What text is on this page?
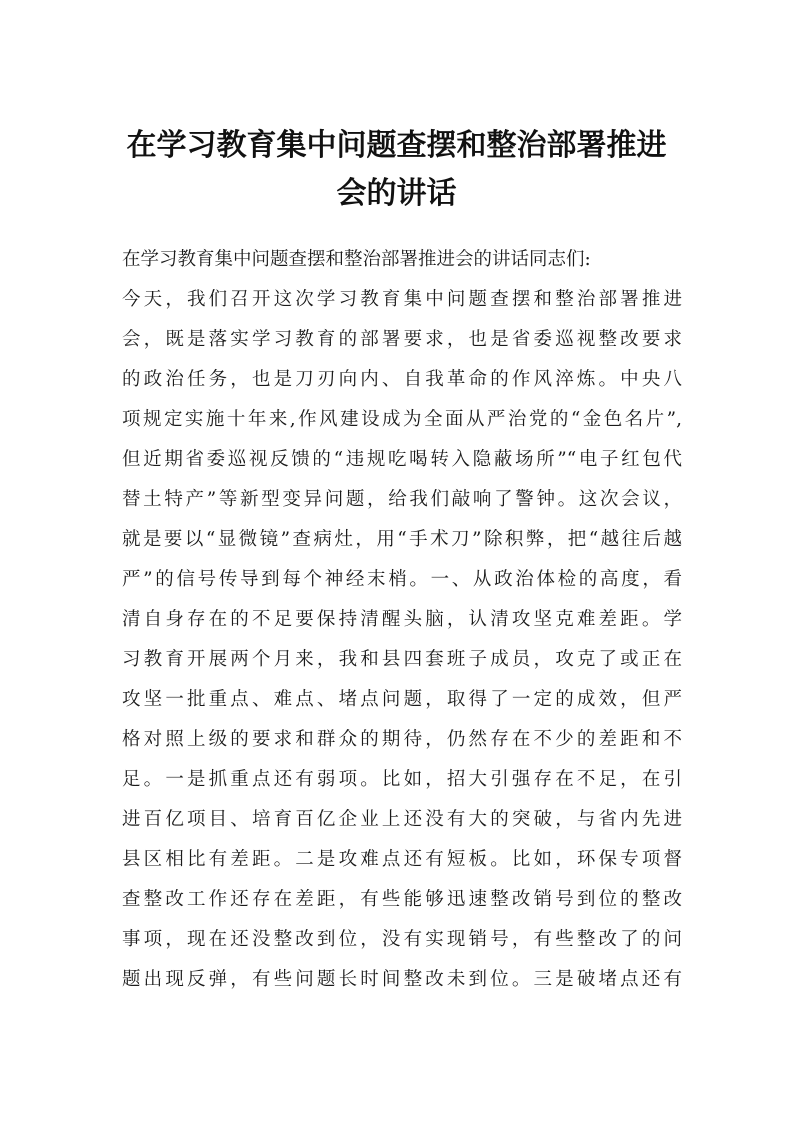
在学习教育集中问题查摆和整治部署推进
会的讲话

在学习教育集中问题查摆和整治部署推进会的讲话同志们:

今天，我们召开这次学习教育集中问题查摆和整治部署推进

会，既是落实学习教育的部署要求，也是省委巡视整改要求

的政治任务，也是刀刃向内、自我革命的作风淬炼。中央八

项规定实施十年来,作风建设成为全面从严治党的“金色名片”,

但近期省委巡视反馈的“违规吃喝转入隐蔽场所”“电子红包代

替土特产”等新型变异问题，给我们敲响了警钟。这次会议，

就是要以“显微镜”查病灶，用“手术刀”除积弊，把“越往后越

严”的信号传导到每个神经末梢。一、从政治体检的高度，看

清自身存在的不足要保持清醒头脑，认清攻坚克难差距。学

习教育开展两个月来，我和县四套班子成员，攻克了或正在

攻坚一批重点、难点、堵点问题，取得了一定的成效，但严

格对照上级的要求和群众的期待，仍然存在不少的差距和不

足。一是抓重点还有弱项。比如，招大引强存在不足，在引

进百亿项目、培育百亿企业上还没有大的突破，与省内先进

县区相比有差距。二是攻难点还有短板。比如，环保专项督

查整改工作还存在差距，有些能够迅速整改销号到位的整改

事项，现在还没整改到位，没有实现销号，有些整改了的问

题出现反弹，有些问题长时间整改未到位。三是破堵点还有
